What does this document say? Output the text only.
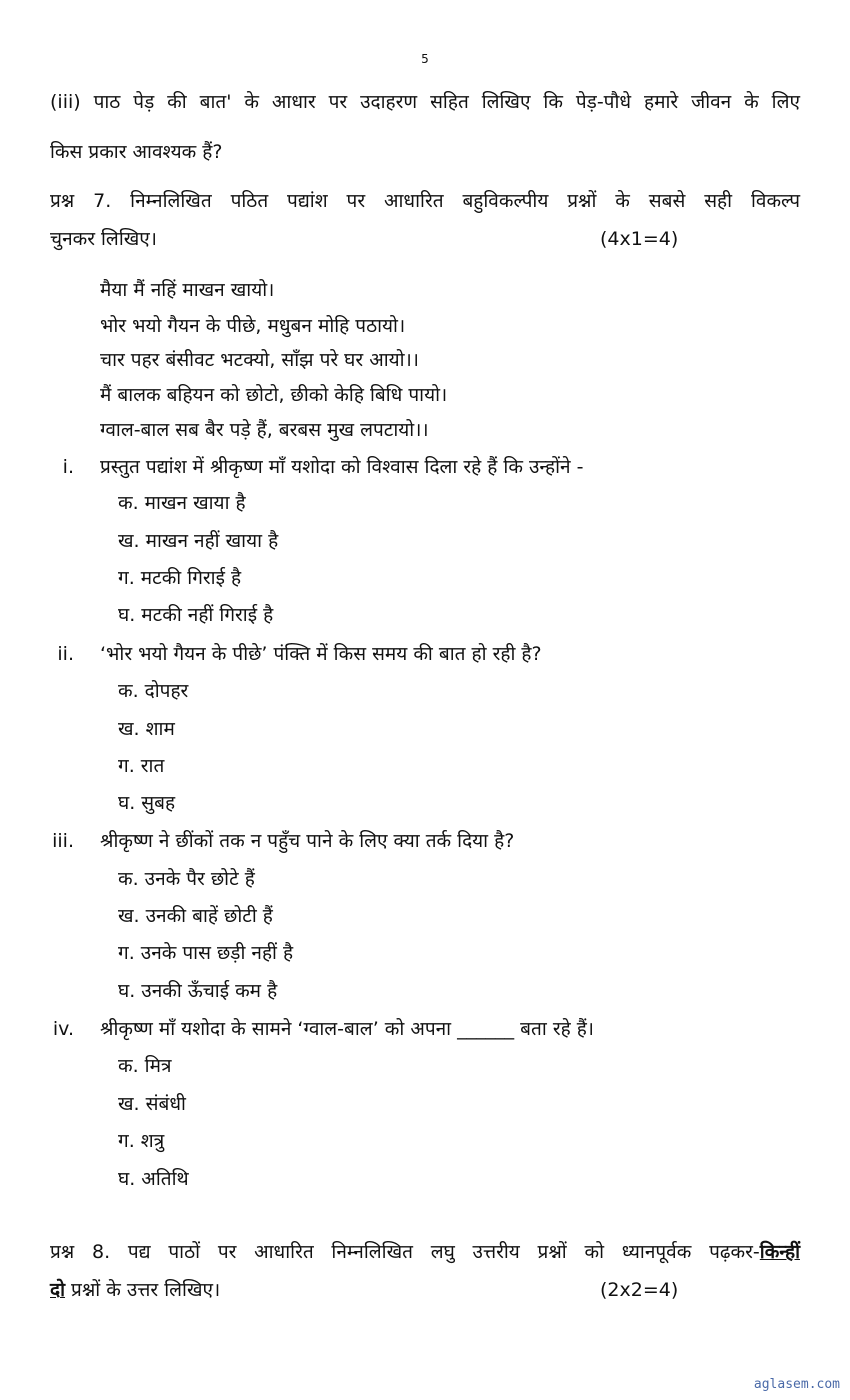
5
(iii) पाठ पेड़ की बात' के आधार पर उदाहरण सहित लिखिए कि पेड़-पौधे हमारे जीवन के लिए
किस प्रकार आवश्यक हैं?
प्रश्न 7. निम्नलिखित पठित पद्यांश पर आधारित बहुविकल्पीय प्रश्नों के सबसे सही विकल्प
चुनकर लिखिए।	(4x1=4)
मैया मैं नहिं माखन खायो।
भोर भयो गैयन के पीछे, मधुबन मोहि पठायो।
चार पहर बंसीवट भटक्यो, साँझ परे घर आयो।।
मैं बालक बहियन को छोटो, छीको केहि बिधि पायो।
ग्वाल-बाल सब बैर पड़े हैं, बरबस मुख लपटायो।।
i. प्रस्तुत पद्यांश में श्रीकृष्ण माँ यशोदा को विश्वास दिला रहे हैं कि उन्होंने -
क. माखन खाया है
ख. माखन नहीं खाया है
ग. मटकी गिराई है
घ. मटकी नहीं गिराई है
ii. ‘भोर भयो गैयन के पीछे’ पंक्ति में किस समय की बात हो रही है?
क. दोपहर
ख. शाम
ग. रात
घ. सुबह
iii. श्रीकृष्ण ने छींकों तक न पहुँच पाने के लिए क्या तर्क दिया है?
क. उनके पैर छोटे हैं
ख. उनकी बाहें छोटी हैं
ग. उनके पास छड़ी नहीं है
घ. उनकी ऊँचाई कम है
iv. श्रीकृष्ण माँ यशोदा के सामने ‘ग्वाल-बाल’ को अपना ______ बता रहे हैं।
क. मित्र
ख. संबंधी
ग. शत्रु
घ. अतिथि
प्रश्न 8. पद्य पाठों पर आधारित निम्नलिखित लघु उत्तरीय प्रश्नों को ध्यानपूर्वक पढ़कर-किन्हीं
दो प्रश्नों के उत्तर लिखिए।	(2x2=4)
aglasem.com
